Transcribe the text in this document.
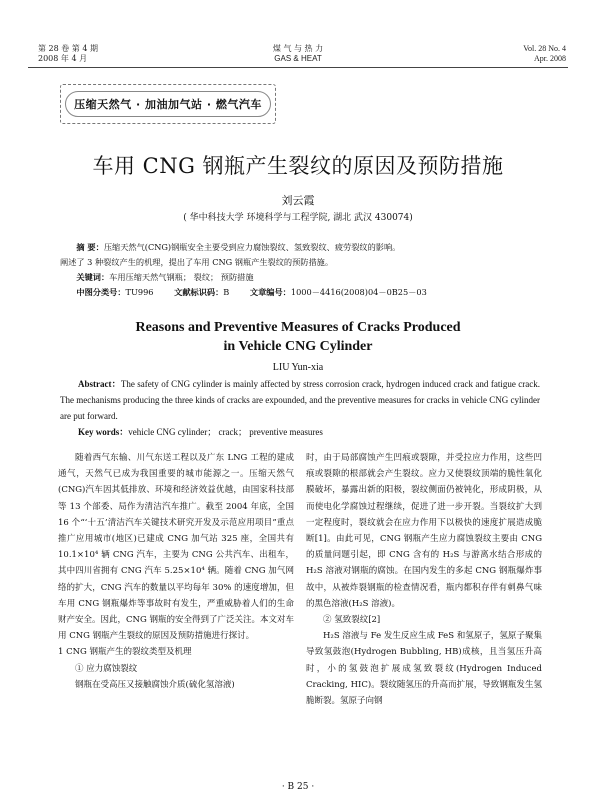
第 28 卷 第 4 期
2008 年 4 月
煤 气 与 热 力
GAS & HEAT
Vol. 28 No. 4
Apr. 2008
压缩天然气 · 加油加气站 · 燃气汽车
车用 CNG 钢瓶产生裂纹的原因及预防措施
刘云霞
( 华中科技大学 环境科学与工程学院, 湖北 武汉 430074)
摘 要：压缩天然气(CNG)钢瓶安全主要受到应力腐蚀裂纹、氢致裂纹、疲劳裂纹的影响。
阐述了 3 种裂纹产生的机理，提出了车用 CNG 钢瓶产生裂纹的预防措施。
关键词：车用压缩天然气钢瓶； 裂纹； 预防措施
中图分类号：TU996	文献标识码：B	文章编号：1000－4416(2008)04－0B25－03
Reasons and Preventive Measures of Cracks Produced
in Vehicle CNG Cylinder
LIU Yun-xia
Abstract：The safety of CNG cylinder is mainly affected by stress corrosion crack, hydrogen induced crack and fatigue crack. The mechanisms producing the three kinds of cracks are expounded, and the preventive measures for cracks in vehicle CNG cylinder are put forward.
Key words：vehicle CNG cylinder； crack； preventive measures

随着西气东输、川气东送工程以及广东 LNG 工程的建成通气，天然气已成为我国重要的城市能源之一。压缩天然气(CNG)汽车因其低排放、环境和经济效益优越，由国家科技部等 13 个部委、局作为清洁汽车推广。截至 2004 年底，全国 16 个“‘十五’清洁汽车关键技术研究开发及示范应用项目”重点推广应用城市(地区)已建成 CNG 加气站 325 座，全国共有 10.1×10⁴ 辆 CNG 汽车，主要为 CNG 公共汽车、出租车，其中四川省拥有 CNG 汽车 5.25×10⁴ 辆。随着 CNG 加气网络的扩大，CNG 汽车的数量以平均每年 30% 的速度增加，但车用 CNG 钢瓶爆炸等事故时有发生，严重威胁着人们的生命财产安全。因此，CNG 钢瓶的安全得到了广泛关注。本文对车用 CNG 钢瓶产生裂纹的原因及预防措施进行探讨。

1 CNG 钢瓶产生的裂纹类型及机理

① 应力腐蚀裂纹

钢瓶在受高压又接触腐蚀介质(硫化氢溶液)

时，由于局部腐蚀产生凹痕或裂隙，并受拉应力作用，这些凹痕或裂隙的根部就会产生裂纹。应力又使裂纹顶端的脆性氧化膜破坏，暴露出新的阳极，裂纹侧面仍被钝化，形成阴极，从而使电化学腐蚀过程继续，促进了进一步开裂。当裂纹扩大到一定程度时，裂纹就会在应力作用下以极快的速度扩展造成脆断[1]。由此可见，CNG 钢瓶产生应力腐蚀裂纹主要由 CNG 的质量问题引起，即 CNG 含有的 H₂S 与游离水结合形成的 H₂S 溶液对钢瓶的腐蚀。在国内发生的多起 CNG 钢瓶爆炸事故中，从被炸裂钢瓶的检查情况看，瓶内都积存伴有刺鼻气味的黑色溶液(H₂S 溶液)。

② 氢致裂纹[2]

H₂S 溶液与 Fe 发生反应生成 FeS 和氢原子，氢原子聚集导致氢鼓泡(Hydrogen Bubbling, HB)成核，且当氢压升高时，小的氢鼓泡扩展成氢致裂纹(Hydrogen Induced Cracking, HIC)。裂纹随氢压的升高而扩展，导致钢瓶发生氢脆断裂。氢原子向钢

· B 25 ·
